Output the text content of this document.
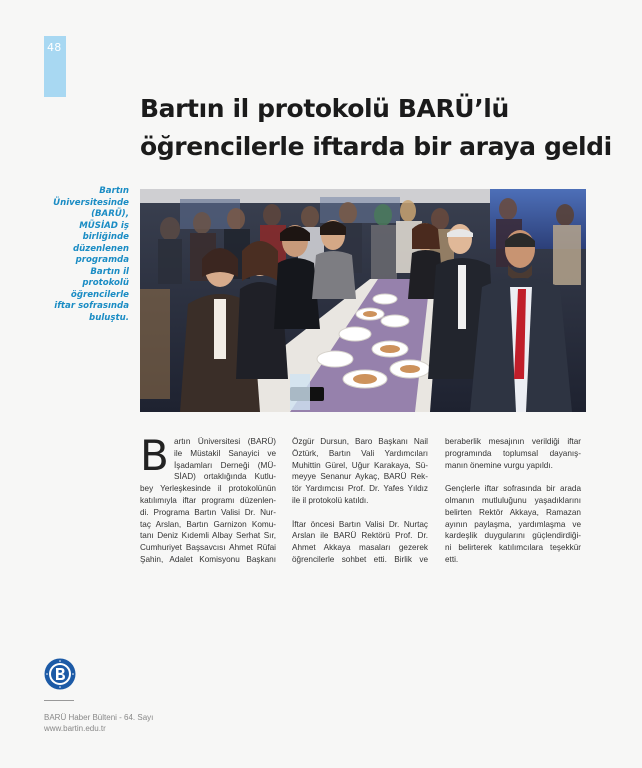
48
Bartın il protokolü BARÜ’lü
öğrencilerle iftarda bir araya geldi
Bartın
Üniversitesinde
(BARÜ),
MÜSİAD iş
birliğinde
düzenlenen
programda
Bartın il
protokolü
öğrencilerle
iftar sofrasında
buluştu.
B artın Üniversitesi (BARÜ)
ile Müstakil Sanayici ve
İşadamları Derneği (MÜ-
SİAD) ortaklığında Kutlu-
bey Yerleşkesinde il protokolünün
katılımıyla iftar programı düzenlen-
di. Programa Bartın Valisi Dr. Nur-
taç Arslan, Bartın Garnizon Komu-
tanı Deniz Kıdemli Albay Serhat Sır,
Cumhuriyet Başsavcısı Ahmet Rüfai
Şahin, Adalet Komisyonu Başkanı

Özgür Dursun, Baro Başkanı Nail
Öztürk, Bartın Vali Yardımcıları
Muhittin Gürel, Uğur Karakaya, Sü-
meyye Senanur Aykaç, BARÜ Rek-
tör Yardımcısı Prof. Dr. Yafes Yıldız
ile il protokolü katıldı.

İftar öncesi Bartın Valisi Dr. Nurtaç
Arslan ile BARÜ Rektörü Prof. Dr.
Ahmet Akkaya masaları gezerek
öğrencilerle sohbet etti. Birlik ve

beraberlik mesajının verildiği iftar
programında toplumsal dayanış-
manın önemine vurgu yapıldı.

Gençlerle iftar sofrasında bir arada
olmanın mutluluğunu yaşadıklarını
belirten Rektör Akkaya, Ramazan
ayının paylaşma, yardımlaşma ve
kardeşlik duygularını güçlendirdiği-
ni belirterek katılımcılara teşekkür
etti.

BARÜ Haber Bülteni - 64. Sayı
www.bartin.edu.tr
